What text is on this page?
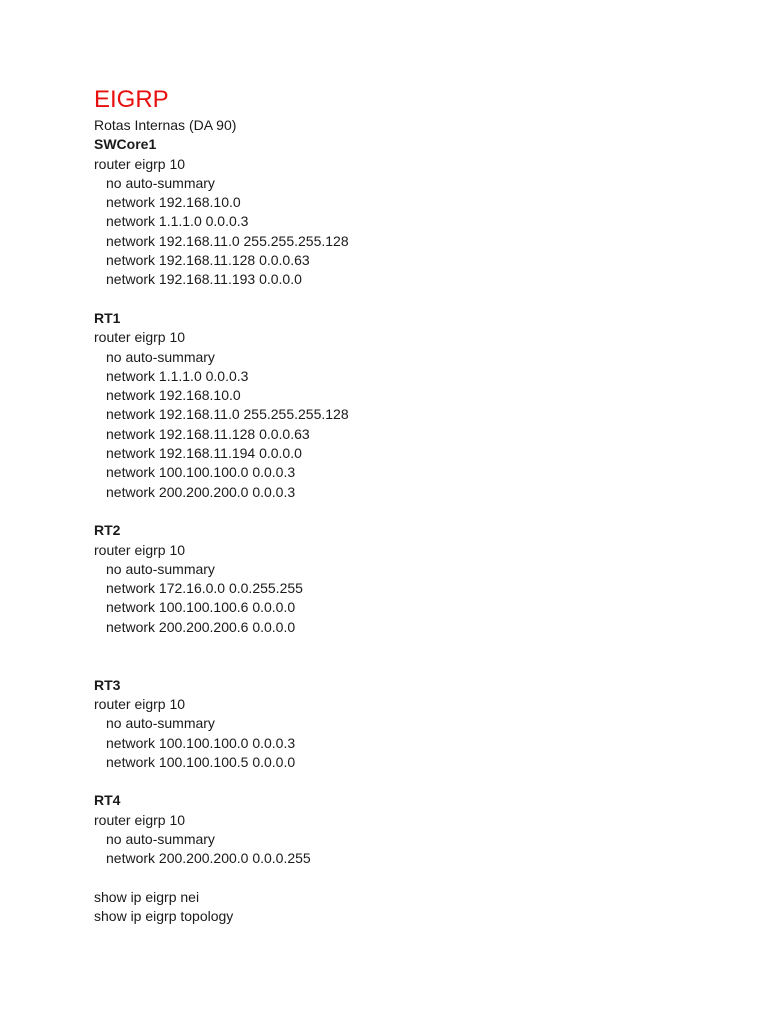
EIGRP

Rotas Internas (DA 90)

SWCore1

router eigrp 10

no auto-summary

network 192.168.10.0

network 1.1.1.0 0.0.0.3

network 192.168.11.0 255.255.255.128

network 192.168.11.128 0.0.0.63

network 192.168.11.193 0.0.0.0

RT1

router eigrp 10

no auto-summary

network 1.1.1.0 0.0.0.3

network 192.168.10.0

network 192.168.11.0 255.255.255.128

network 192.168.11.128 0.0.0.63

network 192.168.11.194 0.0.0.0

network 100.100.100.0 0.0.0.3

network 200.200.200.0 0.0.0.3

RT2

router eigrp 10

no auto-summary

network 172.16.0.0 0.0.255.255

network 100.100.100.6 0.0.0.0

network 200.200.200.6 0.0.0.0

RT3

router eigrp 10

no auto-summary

network 100.100.100.0 0.0.0.3

network 100.100.100.5 0.0.0.0

RT4

router eigrp 10

no auto-summary

network 200.200.200.0 0.0.0.255

show ip eigrp nei

show ip eigrp topology
